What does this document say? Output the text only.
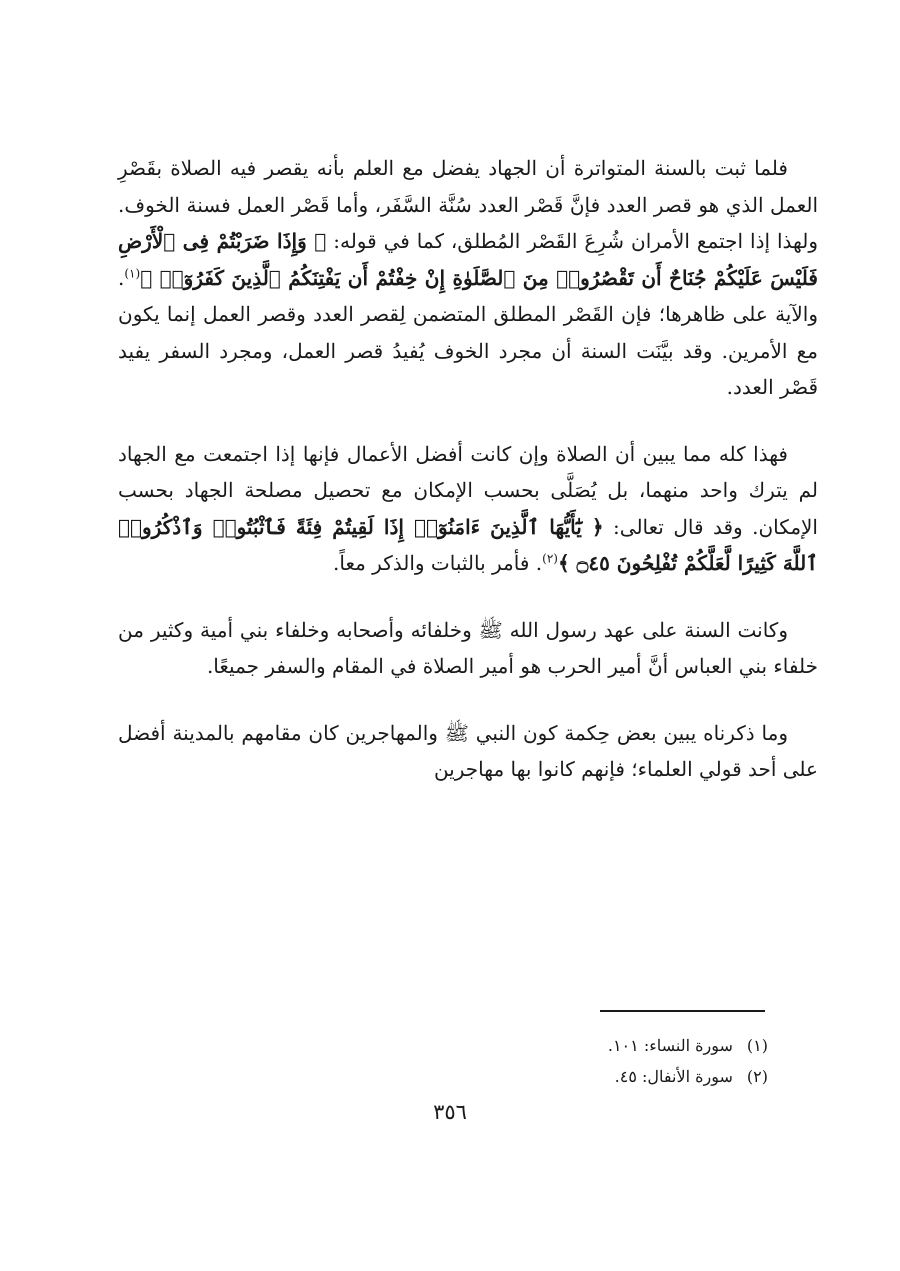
فلما ثبت بالسنة المتواترة أن الجهاد يفضل مع العلم بأنه يقصر فيه الصلاة بقَصْرِ العمل الذي هو قصر العدد فإنَّ قَصْر العدد سُنَّة السَّفَر، وأما قَصْر العمل فسنة الخوف. ولهذا إذا اجتمع الأمران شُرِعَ القَصْر المُطلق، كما في قوله: ﴿ وَإِذَا ضَرَبْتُمْ فِى ٱلْأَرْضِ فَلَيْسَ عَلَيْكُمْ جُنَاحٌ أَن تَقْصُرُوا۟ مِنَ ٱلصَّلَوٰةِ إِنْ خِفْتُمْ أَن يَفْتِنَكُمُ ٱلَّذِينَ كَفَرُوٓا۟ ﴾$^{(١)}$. والآية على ظاهرها؛ فإن القَصْر المطلق المتضمن لِقصر العدد وقصر العمل إنما يكون مع الأمرين. وقد بيَّنَت السنة أن مجرد الخوف يُفيدُ قصر العمل، ومجرد السفر يفيد قَصْر العدد.

فهذا كله مما يبين أن الصلاة وإن كانت أفضل الأعمال فإنها إذا اجتمعت مع الجهاد لم يترك واحد منهما، بل يُصَلَّى بحسب الإمكان مع تحصيل مصلحة الجهاد بحسب الإمكان. وقد قال تعالى: ﴿ يَٰٓأَيُّهَا ٱلَّذِينَ ءَامَنُوٓا۟ إِذَا لَقِيتُمْ فِئَةً فَٱثْبُتُوا۟ وَٱذْكُرُوا۟ ٱللَّهَ كَثِيرًا لَّعَلَّكُمْ تُفْلِحُونَ ۝٤٥ ﴾$^{(٢)}$. فأمر بالثبات والذكر معاً.

وكانت السنة على عهد رسول الله ﷺ وخلفائه وأصحابه وخلفاء بني أمية وكثير من خلفاء بني العباس أنَّ أمير الحرب هو أمير الصلاة في المقام والسفر جميعًا.

وما ذكرناه يبين بعض حِكمة كون النبي ﷺ والمهاجرين كان مقامهم بالمدينة أفضل على أحد قولي العلماء؛ فإنهم كانوا بها مهاجرين

(١)سورة النساء: ١٠١.

(٢)سورة الأنفال: ٤٥.

٣٥٦
